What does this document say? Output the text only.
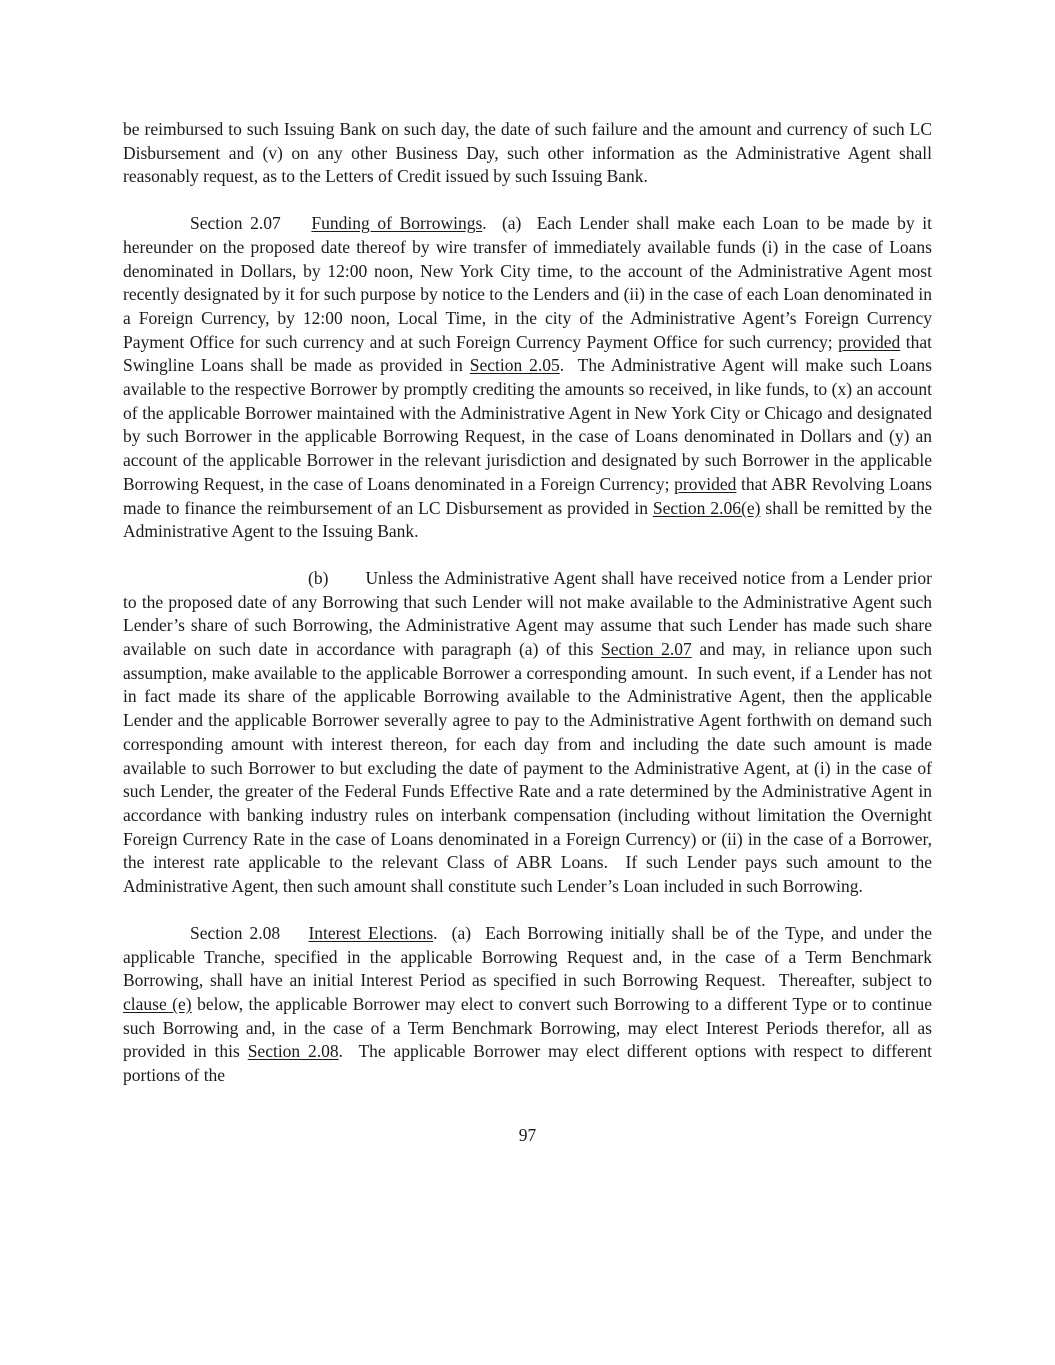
be reimbursed to such Issuing Bank on such day, the date of such failure and the amount and currency of such LC Disbursement and (v) on any other Business Day, such other information as the Administrative Agent shall reasonably request, as to the Letters of Credit issued by such Issuing Bank.

Section 2.07    Funding of Borrowings.  (a)  Each Lender shall make each Loan to be made by it hereunder on the proposed date thereof by wire transfer of immediately available funds (i) in the case of Loans denominated in Dollars, by 12:00 noon, New York City time, to the account of the Administrative Agent most recently designated by it for such purpose by notice to the Lenders and (ii) in the case of each Loan denominated in a Foreign Currency, by 12:00 noon, Local Time, in the city of the Administrative Agent’s Foreign Currency Payment Office for such currency and at such Foreign Currency Payment Office for such currency; provided that Swingline Loans shall be made as provided in Section 2.05.  The Administrative Agent will make such Loans available to the respective Borrower by promptly crediting the amounts so received, in like funds, to (x) an account of the applicable Borrower maintained with the Administrative Agent in New York City or Chicago and designated by such Borrower in the applicable Borrowing Request, in the case of Loans denominated in Dollars and (y) an account of the applicable Borrower in the relevant jurisdiction and designated by such Borrower in the applicable Borrowing Request, in the case of Loans denominated in a Foreign Currency; provided that ABR Revolving Loans made to finance the reimbursement of an LC Disbursement as provided in Section 2.06(e) shall be remitted by the Administrative Agent to the Issuing Bank.

(b)       Unless the Administrative Agent shall have received notice from a Lender prior to the proposed date of any Borrowing that such Lender will not make available to the Administrative Agent such Lender’s share of such Borrowing, the Administrative Agent may assume that such Lender has made such share available on such date in accordance with paragraph (a) of this Section 2.07 and may, in reliance upon such assumption, make available to the applicable Borrower a corresponding amount.  In such event, if a Lender has not in fact made its share of the applicable Borrowing available to the Administrative Agent, then the applicable Lender and the applicable Borrower severally agree to pay to the Administrative Agent forthwith on demand such corresponding amount with interest thereon, for each day from and including the date such amount is made available to such Borrower to but excluding the date of payment to the Administrative Agent, at (i) in the case of such Lender, the greater of the Federal Funds Effective Rate and a rate determined by the Administrative Agent in accordance with banking industry rules on interbank compensation (including without limitation the Overnight Foreign Currency Rate in the case of Loans denominated in a Foreign Currency) or (ii) in the case of a Borrower, the interest rate applicable to the relevant Class of ABR Loans.  If such Lender pays such amount to the Administrative Agent, then such amount shall constitute such Lender’s Loan included in such Borrowing.

Section 2.08    Interest Elections.  (a)  Each Borrowing initially shall be of the Type, and under the applicable Tranche, specified in the applicable Borrowing Request and, in the case of a Term Benchmark Borrowing, shall have an initial Interest Period as specified in such Borrowing Request.  Thereafter, subject to clause (e) below, the applicable Borrower may elect to convert such Borrowing to a different Type or to continue such Borrowing and, in the case of a Term Benchmark Borrowing, may elect Interest Periods therefor, all as provided in this Section 2.08.  The applicable Borrower may elect different options with respect to different portions of the

97
